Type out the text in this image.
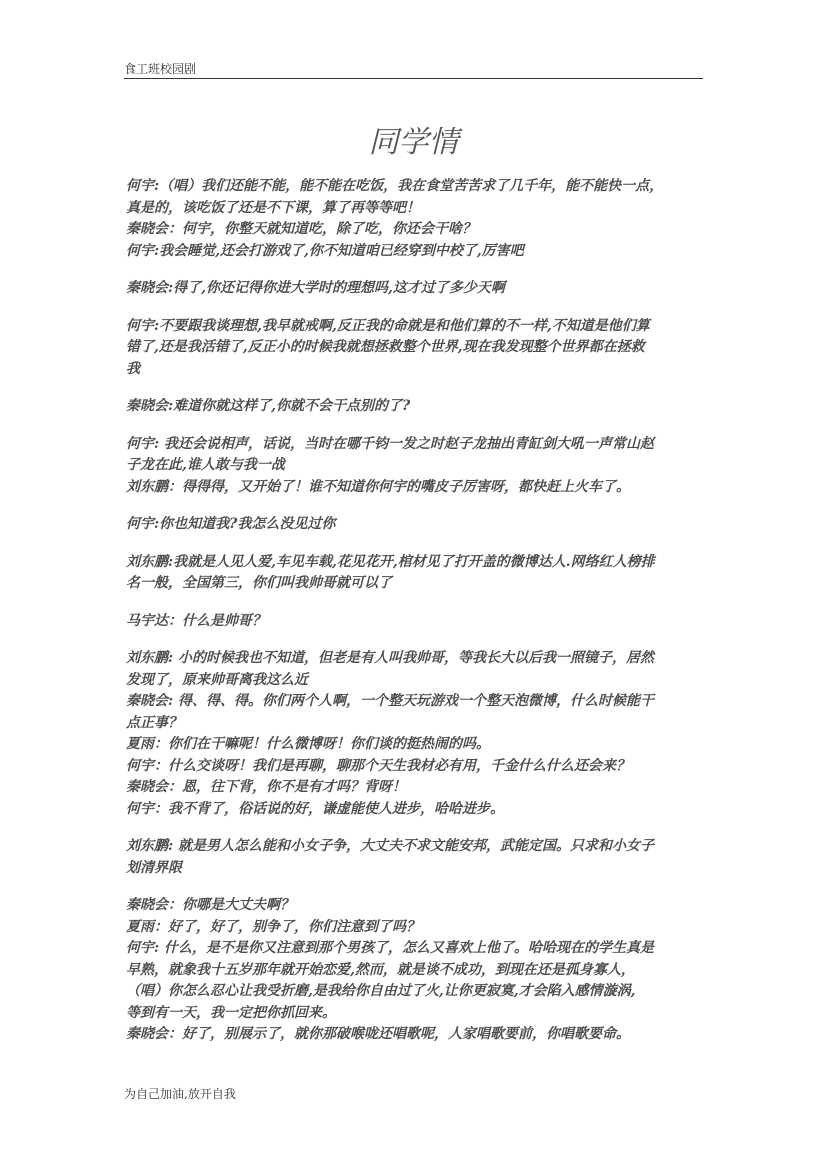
食工班校园剧
同学情
何宇:（唱）我们还能不能，能不能在吃饭，我在食堂苦苦求了几千年，能不能快一点，
真是的，该吃饭了还是不下课，算了再等等吧！
秦晓会：何宇，你整天就知道吃，除了吃，你还会干啥？
何宇:我会睡觉,还会打游戏了,你不知道咱已经穿到中校了,厉害吧
秦晓会:得了,你还记得你进大学时的理想吗,这才过了多少天啊
何宇:不要跟我谈理想,我早就戒啊,反正我的命就是和他们算的不一样,不知道是他们算
错了,还是我活错了,反正小的时候我就想拯救整个世界,现在我发现整个世界都在拯救
我
秦晓会:难道你就这样了,你就不会干点别的了?
何宇: 我还会说相声，话说，当时在哪千钧一发之时赵子龙抽出青缸剑大吼一声常山赵
子龙在此,谁人敢与我一战
刘东鹏：得得得，又开始了！谁不知道你何宇的嘴皮子厉害呀，都快赶上火车了。
何宇:你也知道我?我怎么没见过你
刘东鹏:我就是人见人爱,车见车载,花见花开,棺材见了打开盖的微博达人.网络红人榜排
名一般，全国第三，你们叫我帅哥就可以了
马宇达：什么是帅哥？
刘东鹏: 小的时候我也不知道，但老是有人叫我帅哥，等我长大以后我一照镜子，居然
发现了，原来帅哥离我这么近
秦晓会: 得、得、得。你们两个人啊，一个整天玩游戏一个整天泡微博，什么时候能干
点正事？
夏雨：你们在干嘛呢！什么微博呀！你们谈的挺热闹的吗。
何宇：什么交谈呀！我们是再聊，聊那个天生我材必有用，千金什么什么还会来？
秦晓会：恩，往下背，你不是有才吗？背呀！
何宇：我不背了，俗话说的好，谦虚能使人进步，哈哈进步。
刘东鹏: 就是男人怎么能和小女子争，大丈夫不求文能安邦，武能定国。只求和小女子
划清界限
秦晓会：你哪是大丈夫啊？
夏雨：好了，好了，别争了，你们注意到了吗？
何宇: 什么，是不是你又注意到那个男孩了，怎么又喜欢上他了。哈哈现在的学生真是
早熟，就象我十五岁那年就开始恋爱,然而，就是谈不成功，到现在还是孤身寡人，
（唱）你怎么忍心让我受折磨,是我给你自由过了火,让你更寂寞,才会陷入感情漩涡,
等到有一天，我一定把你抓回来。
秦晓会：好了，别展示了，就你那破喉咙还唱歌呢，人家唱歌要前，你唱歌要命。
为自己加油,放开自我
